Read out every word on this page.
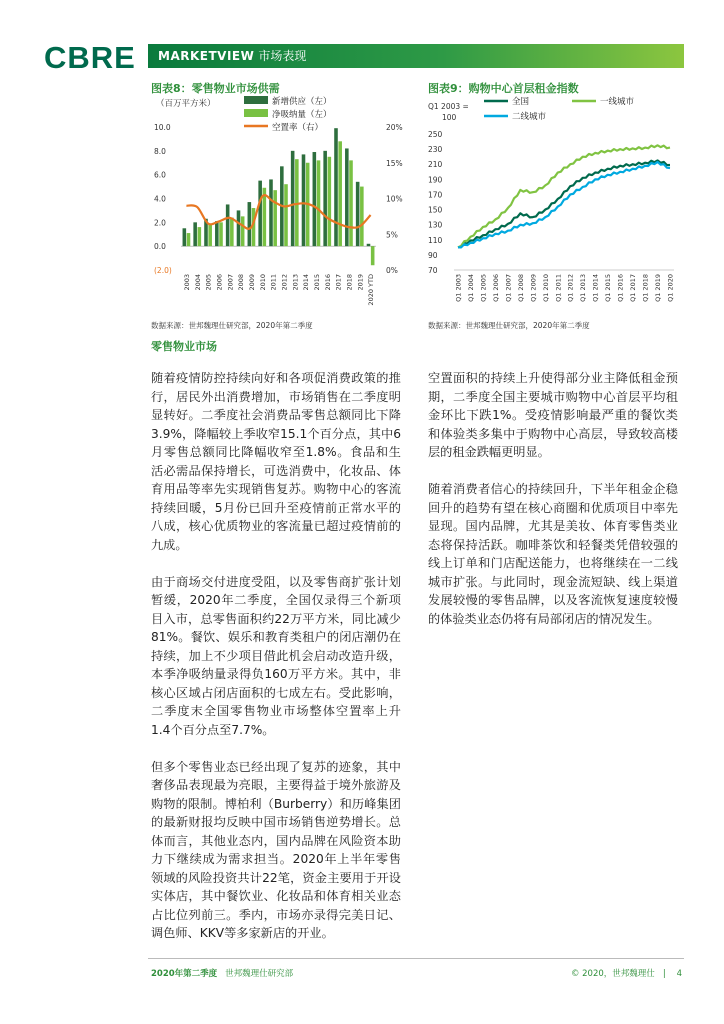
CBRE	MARKETVIEW 市场表现
图表8：零售物业市场供需
（百万平方米）	新增供应（左）
净吸纳量（左）
空置率（右）
10.0
8.0
6.0
4.0
2.0
0.0
(2.0)
20%
15%
10%
5%
0%
2003 2004 2005 2006 2007 2008 2009 2010 2011 2012 2013 2014 2015 2016 2017 2018 2019 2020 YTD
数据来源：世邦魏理仕研究部，2020年第二季度
图表9：购物中心首层租金指数
Q1 2003 =
100
全国	一线城市
二线城市
250
230
210
190
170
150
130
110
90
70
Q1 2003 Q1 2004 Q1 2005 Q1 2006 Q1 2007 Q1 2008 Q1 2009 Q1 2010 Q1 2011 Q1 2012 Q1 2013 Q1 2014 Q1 2015 Q1 2016 Q1 2017 Q1 2018 Q1 2019 Q1 2020
数据来源：世邦魏理仕研究部，2020年第二季度
零售物业市场

随着疫情防控持续向好和各项促消费政策的推行，居民外出消费增加，市场销售在二季度明显转好。二季度社会消费品零售总额同比下降3.9%，降幅较上季收窄15.1个百分点，其中6月零售总额同比降幅收窄至1.8%。食品和生活必需品保持增长，可选消费中，化妆品、体育用品等率先实现销售复苏。购物中心的客流持续回暖，5月份已回升至疫情前正常水平的八成，核心优质物业的客流量已超过疫情前的九成。

由于商场交付进度受阻，以及零售商扩张计划暂缓，2020年二季度，全国仅录得三个新项目入市，总零售面积约22万平方米，同比减少81%。餐饮、娱乐和教育类租户的闭店潮仍在持续，加上不少项目借此机会启动改造升级，本季净吸纳量录得负160万平方米。其中，非核心区域占闭店面积的七成左右。受此影响，二季度末全国零售物业市场整体空置率上升1.4个百分点至7.7%。

但多个零售业态已经出现了复苏的迹象，其中奢侈品表现最为亮眼，主要得益于境外旅游及购物的限制。博柏利（Burberry）和历峰集团的最新财报均反映中国市场销售逆势增长。总体而言，其他业态内，国内品牌在风险资本助力下继续成为需求担当。2020年上半年零售领域的风险投资共计22笔，资金主要用于开设实体店，其中餐饮业、化妆品和体育相关业态占比位列前三。季内，市场亦录得完美日记、调色师、KKV等多家新店的开业。

空置面积的持续上升使得部分业主降低租金预期，二季度全国主要城市购物中心首层平均租金环比下跌1%。受疫情影响最严重的餐饮类和体验类多集中于购物中心高层，导致较高楼层的租金跌幅更明显。

随着消费者信心的持续回升，下半年租金企稳回升的趋势有望在核心商圈和优质项目中率先显现。国内品牌，尤其是美妆、体育零售类业态将保持活跃。咖啡茶饮和轻餐类凭借较强的线上订单和门店配送能力，也将继续在一二线城市扩张。与此同时，现金流短缺、线上渠道发展较慢的零售品牌，以及客流恢复速度较慢的体验类业态仍将有局部闭店的情况发生。

2020年第二季度 世邦魏理仕研究部	© 2020，世邦魏理仕 | 4
